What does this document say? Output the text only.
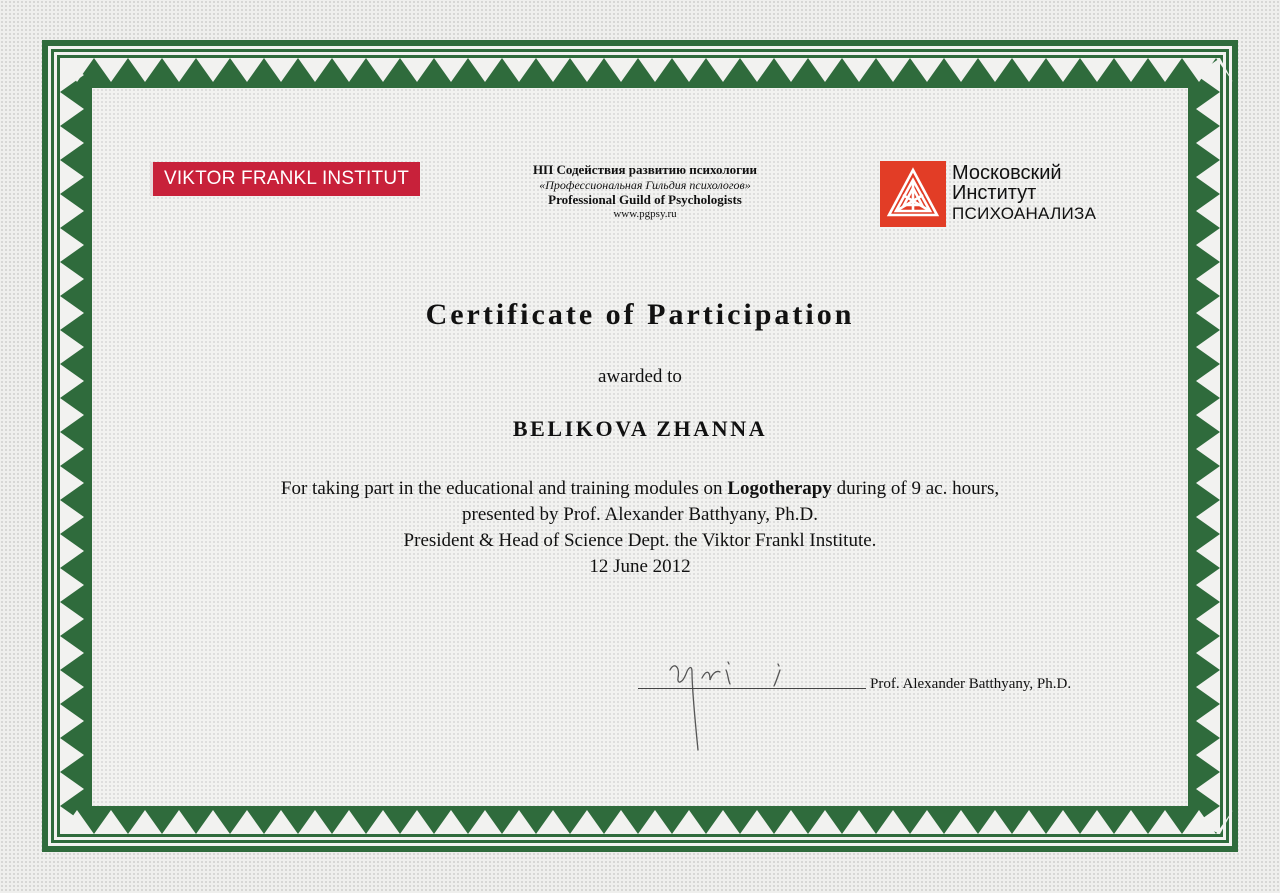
VIKTOR FRANKL INSTITUT	НП Содействия развитию психологии
«Профессиональная Гильдия психологов»
Professional Guild of Psychologists
www.pgpsy.ru
Московский
Институт
ПСИХОАНАЛИЗА
Certificate of Participation
awarded to
BELIKOVA ZHANNA
For taking part in the educational and training modules on Logotherapy during of 9 ac. hours,
presented by Prof. Alexander Batthyany, Ph.D.
President & Head of Science Dept. the Viktor Frankl Institute.
12 June 2012
Prof. Alexander Batthyany, Ph.D.
